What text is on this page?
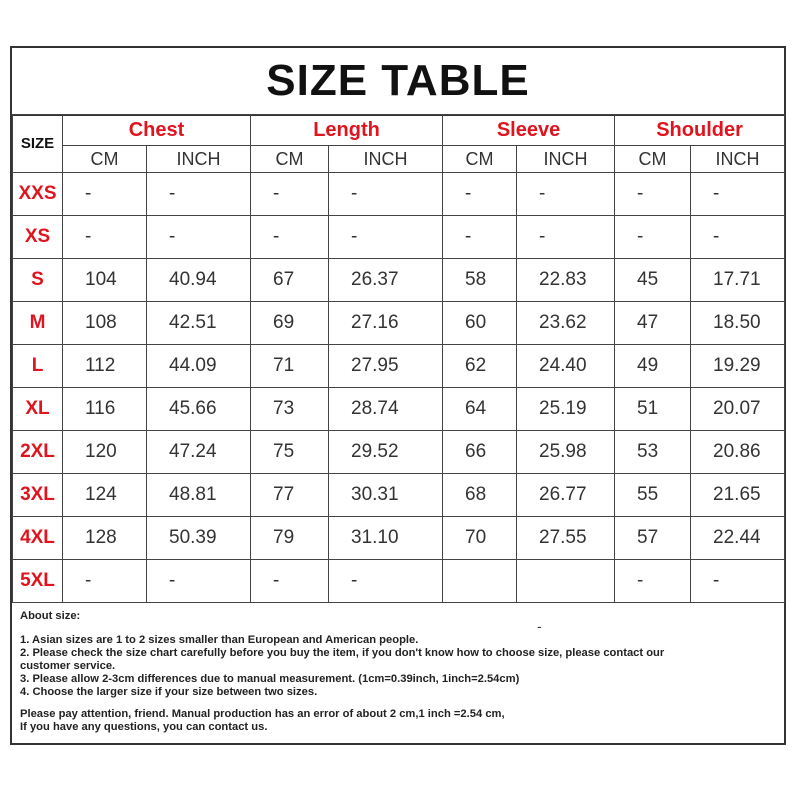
SIZE TABLE
SIZE	Chest		Length		Sleeve		Shoulder	
	CM	INCH	CM	INCH	CM	INCH	CM	INCH
XXS	-	-	-	-	-	-	-	-
XS	-	-	-	-	-	-	-	-
S	104	40.94	67	26.37	58	22.83	45	17.71
M	108	42.51	69	27.16	60	23.62	47	18.50
L	112	44.09	71	27.95	62	24.40	49	19.29
XL	116	45.66	73	28.74	64	25.19	51	20.07
2XL	120	47.24	75	29.52	66	25.98	53	20.86
3XL	124	48.81	77	30.31	68	26.77	55	21.65
4XL	128	50.39	79	31.10	70	27.55	57	22.44
5XL	-	-	-	-			-	-
About size:
1. Asian sizes are 1 to 2 sizes smaller than European and American people.
2. Please check the size chart carefully before you buy the item, if you don't know how to choose size, please contact our
customer service.
3. Please allow 2-3cm differences due to manual measurement. (1cm=0.39inch, 1inch=2.54cm)
4. Choose the larger size if your size between two sizes.
Please pay attention, friend. Manual production has an error of about 2 cm,1 inch =2.54 cm,
If you have any questions, you can contact us.
-
